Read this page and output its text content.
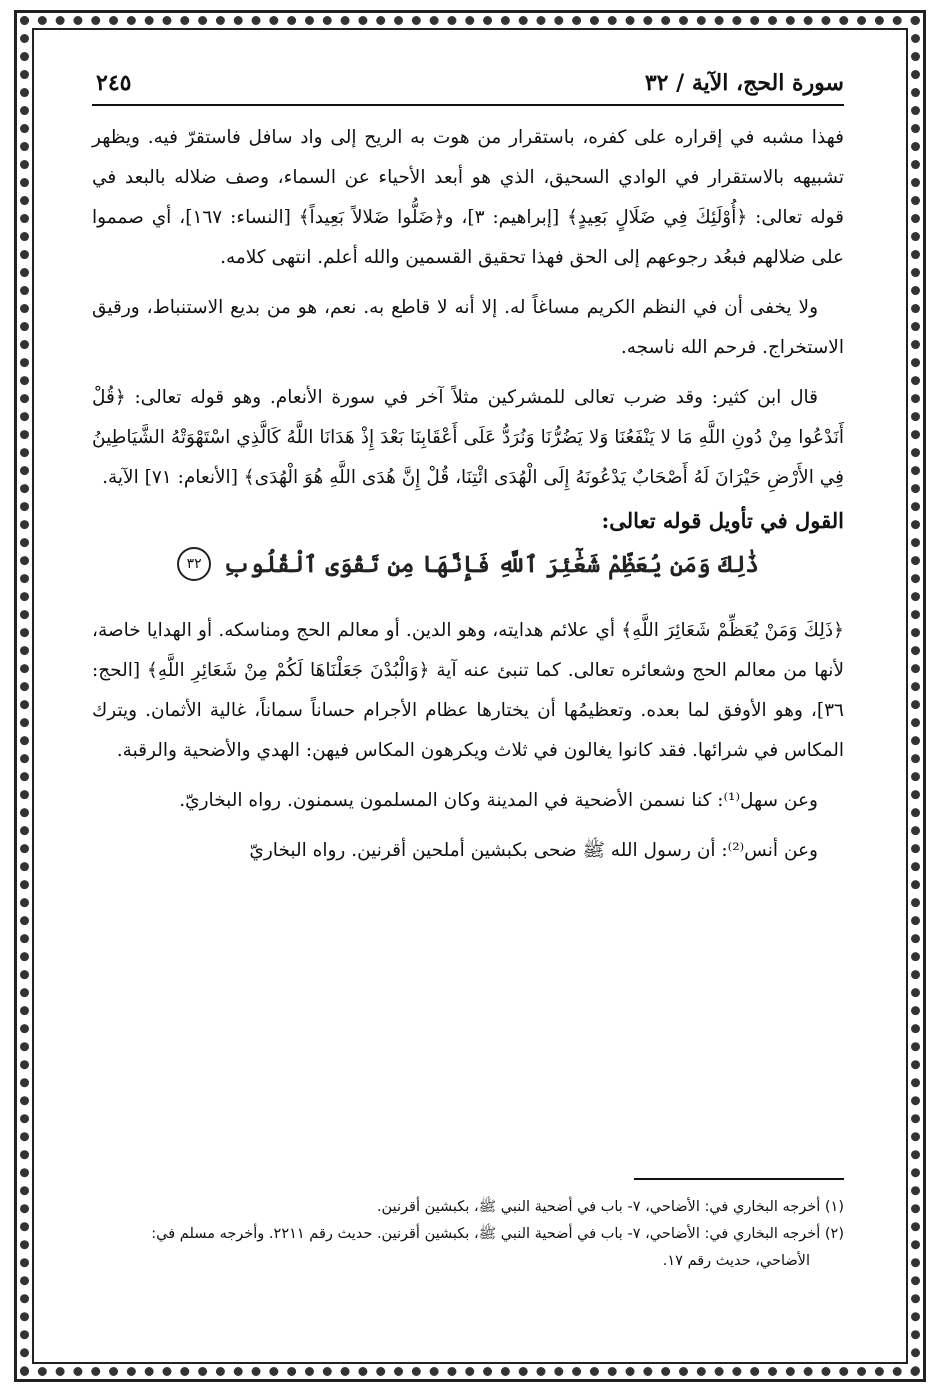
سورة الحج، الآية / ٣٢
٢٤٥

فهذا مشبه في إقراره على كفره، باستقرار من هوت به الريح إلى واد سافل فاستقرّ فيه. ويظهر تشبيهه بالاستقرار في الوادي السحيق، الذي هو أبعد الأحياء عن السماء، وصف ضلاله بالبعد في قوله تعالى: ﴿أُوْلَئِكَ فِي ضَلَالٍ بَعِيدٍ﴾ [إبراهيم: ٣]، و﴿ضَلُّوا ضَلالاً بَعِيداً﴾ [النساء: ١٦٧]، أي صمموا على ضلالهم فبعُد رجوعهم إلى الحق فهذا تحقيق القسمين والله أعلم. انتهى كلامه.

ولا يخفى أن في النظم الكريم مساغاً له. إلا أنه لا قاطع به. نعم، هو من بديع الاستنباط، ورقيق الاستخراج. فرحم الله ناسجه.

قال ابن كثير: وقد ضرب تعالى للمشركين مثلاً آخر في سورة الأنعام. وهو قوله تعالى: ﴿قُلْ أَنَدْعُوا مِنْ دُونِ اللَّهِ مَا لا يَنْفَعُنَا وَلا يَضُرُّنَا وَنُرَدُّ عَلَى أَعْقَابِنَا بَعْدَ إِذْ هَدَانَا اللَّهُ كَالَّذِي اسْتَهْوَتْهُ الشَّيَاطِينُ فِي الأَرْضِ حَيْرَانَ لَهُ أَصْحَابٌ يَدْعُونَهُ إِلَى الْهُدَى ائْتِنَا، قُلْ إِنَّ هُدَى اللَّهِ هُوَ الْهُدَى﴾ [الأنعام: ٧١] الآية.

القول في تأويل قوله تعالى:
ذَٰلِكَ وَمَن يُعَظِّمْ شَعَٰٓئِرَ ٱللَّهِ فَإِنَّهَا مِن تَقْوَى ٱلْقُلُوبِ
٣٢

﴿ذَلِكَ وَمَنْ يُعَظِّمْ شَعَائِرَ اللَّهِ﴾ أي علائم هدايته، وهو الدين. أو معالم الحج ومناسكه. أو الهدايا خاصة، لأنها من معالم الحج وشعائره تعالى. كما تنبئ عنه آية ﴿وَالْبُدْنَ جَعَلْنَاهَا لَكُمْ مِنْ شَعَائِرِ اللَّهِ﴾ [الحج: ٣٦]، وهو الأوفق لما بعده. وتعظيمُها أن يختارها عظام الأجرام حساناً سماناً، غالية الأثمان. ويترك المكاس في شرائها. فقد كانوا يغالون في ثلاث ويكرهون المكاس فيهن: الهدي والأضحية والرقبة.

وعن سهل⁽¹⁾: كنا نسمن الأضحية في المدينة وكان المسلمون يسمنون. رواه البخاريّ.

وعن أنس⁽²⁾: أن رسول الله ﷺ ضحى بكبشين أملحين أقرنين. رواه البخاريّ

(١) أخرجه البخاري في: الأضاحي، ٧- باب في أضحية النبي ﷺ، بكبشين أقرنين.

(٢) أخرجه البخاري في: الأضاحي، ٧- باب في أضحية النبي ﷺ، بكبشين أقرنين. حديث رقم ٢٢١١. وأخرجه مسلم في: الأضاحي، حديث رقم ١٧.
